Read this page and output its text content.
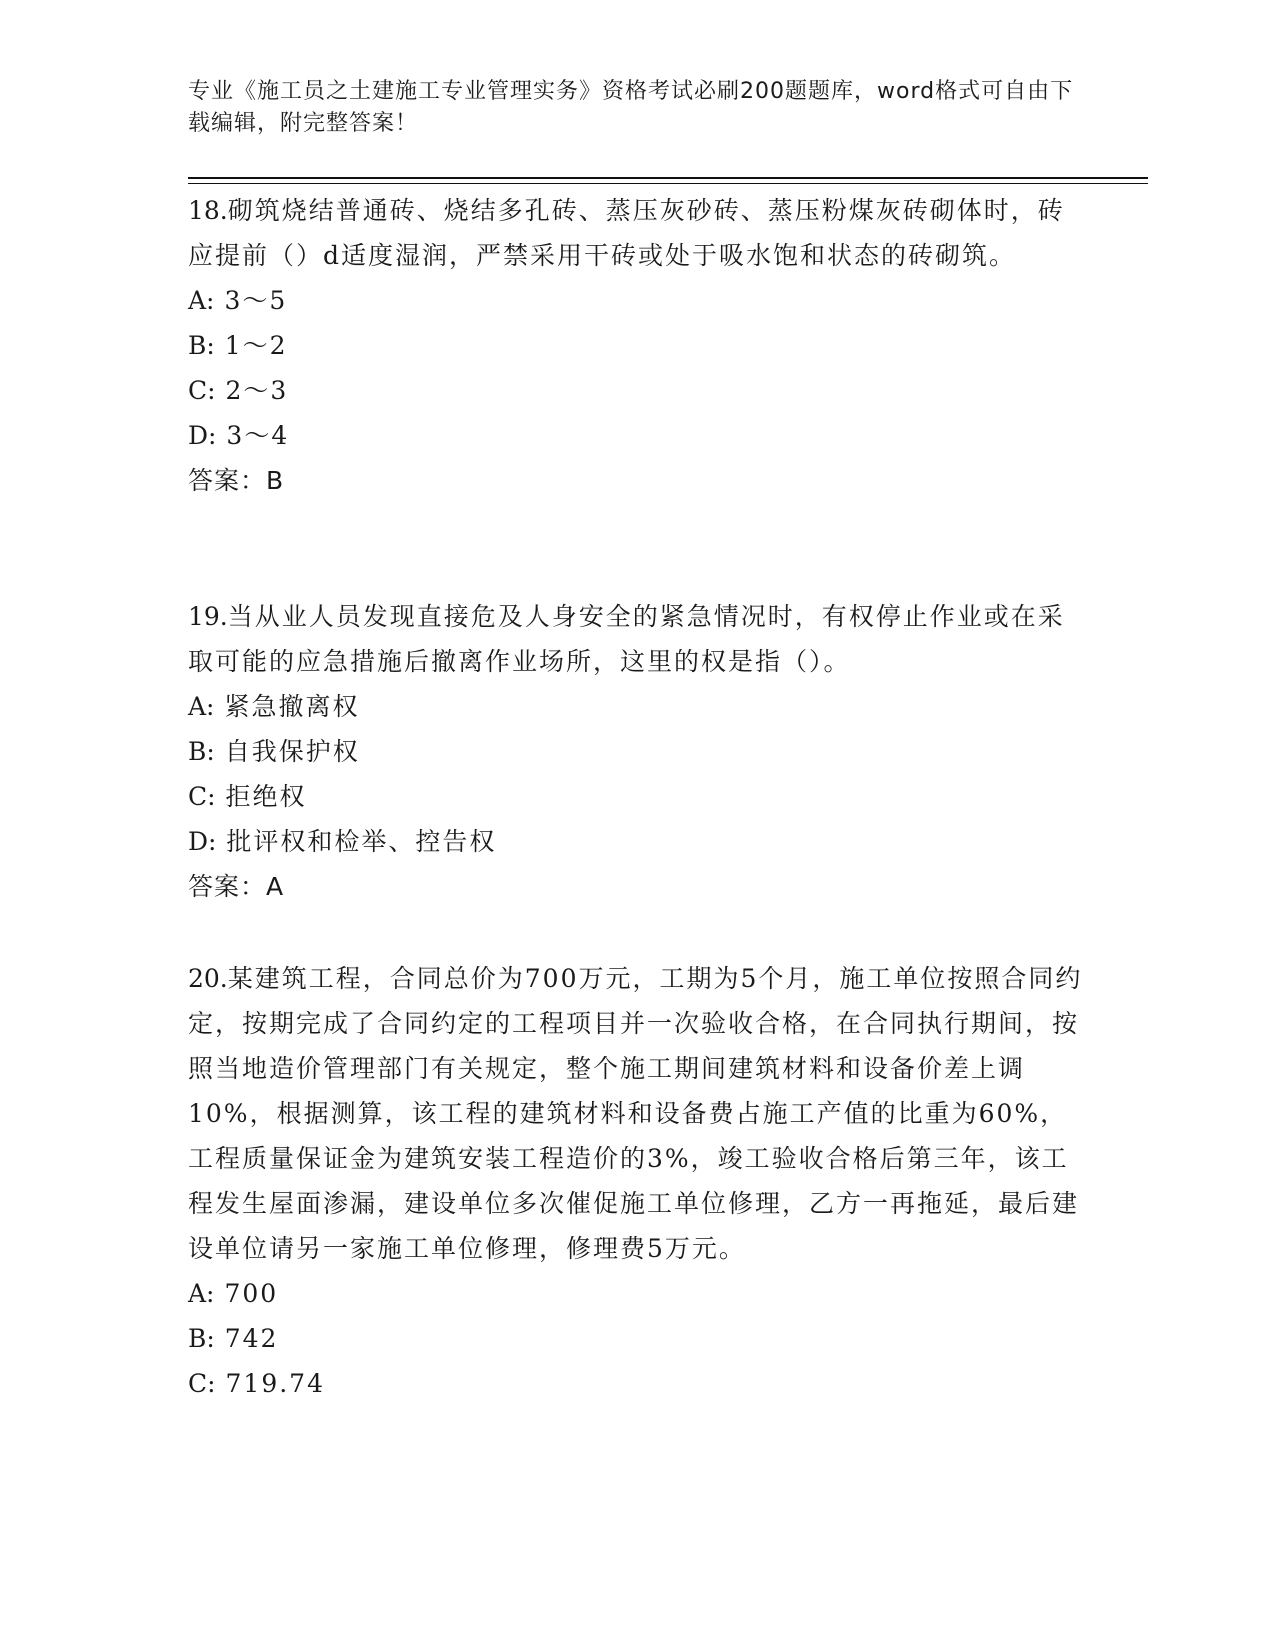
专业《施工员之土建施工专业管理实务》资格考试必刷200题题库，word格式可自由下载编辑，附完整答案！

18.砌筑烧结普通砖、烧结多孔砖、蒸压灰砂砖、蒸压粉煤灰砖砌体时，砖应提前（）d适度湿润，严禁采用干砖或处于吸水饱和状态的砖砌筑。

A: 3～5

B: 1～2

C: 2～3

D: 3～4

答案：B

19.当从业人员发现直接危及人身安全的紧急情况时，有权停止作业或在采取可能的应急措施后撤离作业场所，这里的权是指（）。

A: 紧急撤离权

B: 自我保护权

C: 拒绝权

D: 批评权和检举、控告权

答案：A

20.某建筑工程，合同总价为700万元，工期为5个月，施工单位按照合同约定，按期完成了合同约定的工程项目并一次验收合格，在合同执行期间，按照当地造价管理部门有关规定，整个施工期间建筑材料和设备价差上调10%，根据测算，该工程的建筑材料和设备费占施工产值的比重为60%，工程质量保证金为建筑安装工程造价的3%，竣工验收合格后第三年，该工程发生屋面渗漏，建设单位多次催促施工单位修理，乙方一再拖延，最后建设单位请另一家施工单位修理，修理费5万元。

A: 700

B: 742

C: 719.74
